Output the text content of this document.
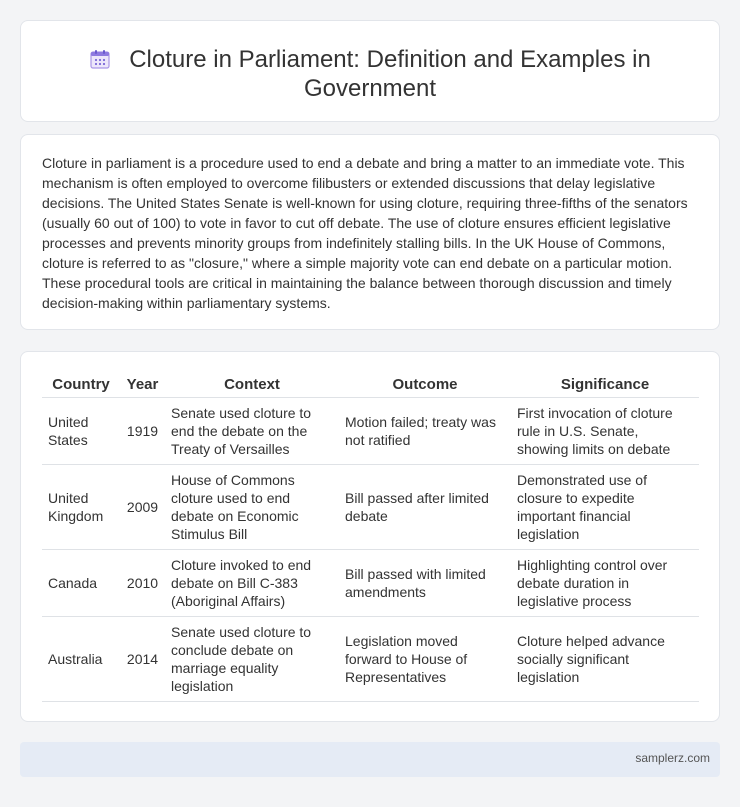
Cloture in Parliament: Definition and Examples in Government

Cloture in parliament is a procedure used to end a debate and bring a matter to an immediate vote. This mechanism is often employed to overcome filibusters or extended discussions that delay legislative decisions. The United States Senate is well-known for using cloture, requiring three-fifths of the senators (usually 60 out of 100) to vote in favor to cut off debate. The use of cloture ensures efficient legislative processes and prevents minority groups from indefinitely stalling bills. In the UK House of Commons, cloture is referred to as "closure," where a simple majority vote can end debate on a particular motion. These procedural tools are critical in maintaining the balance between thorough discussion and timely decision-making within parliamentary systems.

Country	Year	Context	Outcome	Significance
United States	1919	Senate used cloture to end the debate on the Treaty of Versailles	Motion failed; treaty was not ratified	First invocation of cloture rule in U.S. Senate, showing limits on debate
United Kingdom	2009	House of Commons cloture used to end debate on Economic Stimulus Bill	Bill passed after limited debate	Demonstrated use of closure to expedite important financial legislation
Canada	2010	Cloture invoked to end debate on Bill C-383 (Aboriginal Affairs)	Bill passed with limited amendments	Highlighting control over debate duration in legislative process
Australia	2014	Senate used cloture to conclude debate on marriage equality legislation	Legislation moved forward to House of Representatives	Cloture helped advance socially significant legislation
samplerz.com
